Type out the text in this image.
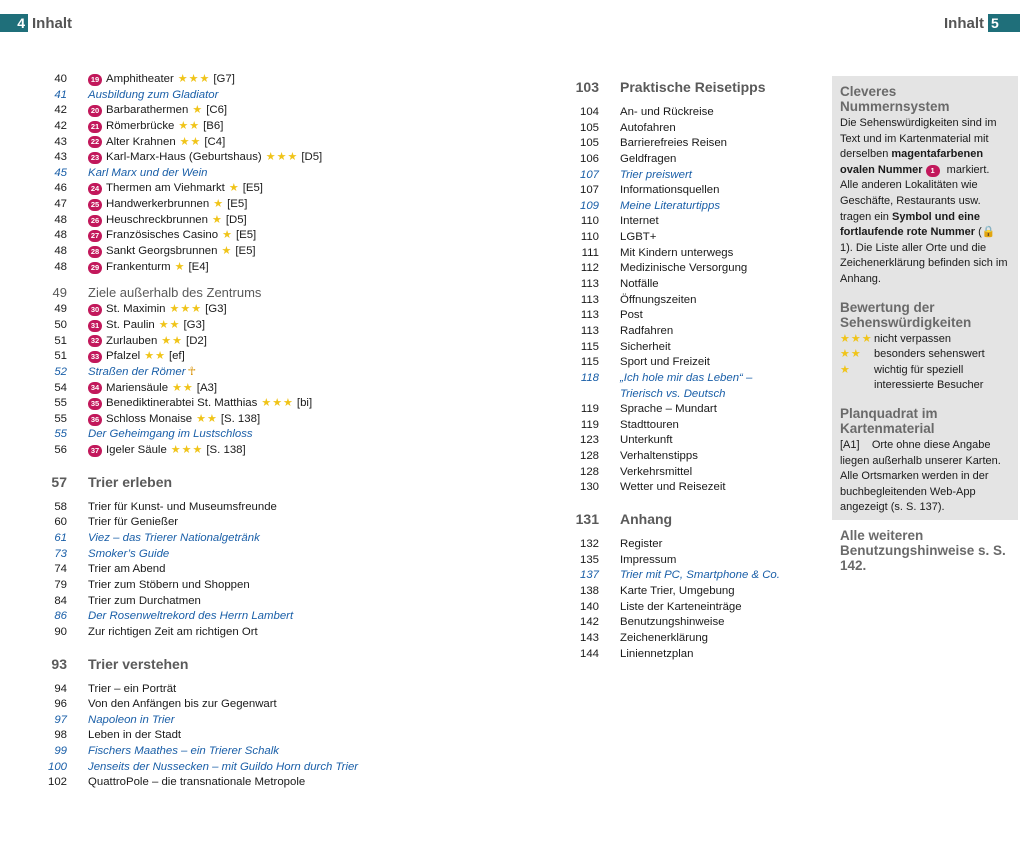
4 Inhalt	Inhalt 5
40	19 Amphitheater ★★★ [G7]
41 Ausbildung zum Gladiator
42	20 Barbarathermen ★ [C6]
42	21 Römerbrücke ★★ [B6]
43	22 Alter Krahnen ★★ [C4]
43	23 Karl-Marx-Haus (Geburtshaus) ★★★ [D5]
45 Karl Marx und der Wein
46	24 Thermen am Viehmarkt ★ [E5]
47	25 Handwerkerbrunnen ★ [E5]
48	26 Heuschreckbrunnen ★ [D5]
48	27 Französisches Casino ★ [E5]
48	28 Sankt Georgsbrunnen ★ [E5]
48	29 Frankenturm ★ [E4]
49 Ziele außerhalb des Zentrums
49	30 St. Maximin ★★★ [G3]
50	31 St. Paulin ★★ [G3]
51	32 Zurlauben ★★ [D2]
51	33 Pfalzel ★★ [ef]
52 Straßen der Römer ☥
54	34 Mariensäule ★★ [A3]
55	35 Benediktinerabtei St. Matthias ★★★ [bi]
55	36 Schloss Monaise ★★ [S. 138]
55 Der Geheimgang im Lustschloss
56	37 Igeler Säule ★★★ [S. 138]
57 Trier erleben
58 Trier für Kunst- und Museumsfreunde
60 Trier für Genießer
61 Viez – das Trierer Nationalgetränk
73 Smoker’s Guide
74 Trier am Abend
79 Trier zum Stöbern und Shoppen
84 Trier zum Durchatmen
86 Der Rosenweltrekord des Herrn Lambert
90 Zur richtigen Zeit am richtigen Ort
93 Trier verstehen
94 Trier – ein Porträt
96 Von den Anfängen bis zur Gegenwart
97 Napoleon in Trier
98 Leben in der Stadt
99 Fischers Maathes – ein Trierer Schalk
100 Jenseits der Nussecken – mit Guildo Horn durch Trier
102 QuattroPole – die transnationale Metropole
103 Praktische Reisetipps
104 An- und Rückreise
105 Autofahren
105 Barrierefreies Reisen
106 Geldfragen
107 Trier preiswert
107 Informationsquellen
109 Meine Literaturtipps
110 Internet
110 LGBT+
111 Mit Kindern unterwegs
112 Medizinische Versorgung
113 Notfälle
113 Öffnungszeiten
113 Post
113 Radfahren
115 Sicherheit
115 Sport und Freizeit
118 „Ich hole mir das Leben“ –
Trierisch vs. Deutsch
119 Sprache – Mundart
119 Stadttouren
123 Unterkunft
128 Verhaltenstipps
128 Verkehrsmittel
130 Wetter und Reisezeit
131 Anhang
132 Register
135 Impressum
137 Trier mit PC, Smartphone & Co.
138 Karte Trier, Umgebung
140 Liste der Karteneinträge
142 Benutzungshinweise
143 Zeichenerklärung
144 Liniennetzplan
Cleveres Nummernsystem

Die Sehenswürdigkeiten sind im Text und im Kartenmaterial mit derselben magentafarbenen ovalen Nummer 1 markiert. Alle anderen Lokalitäten wie Geschäfte, Restaurants usw. tragen ein Symbol und eine fortlaufende rote Nummer (🔒1). Die Liste aller Orte und die Zeichenerklärung befinden sich im Anhang.

Bewertung der Sehenswürdigkeiten
★★★ nicht verpassen
★★	besonders sehenswert
★	wichtig für speziell interessierte Besucher
Planquadrat im Kartenmaterial

[A1] Orte ohne diese Angabe liegen außerhalb unserer Karten. Alle Ortsmarken werden in der buchbegleitenden Web-App angezeigt (s. S. 137).

Alle weiteren Benutzungshinweise s. S. 142.
